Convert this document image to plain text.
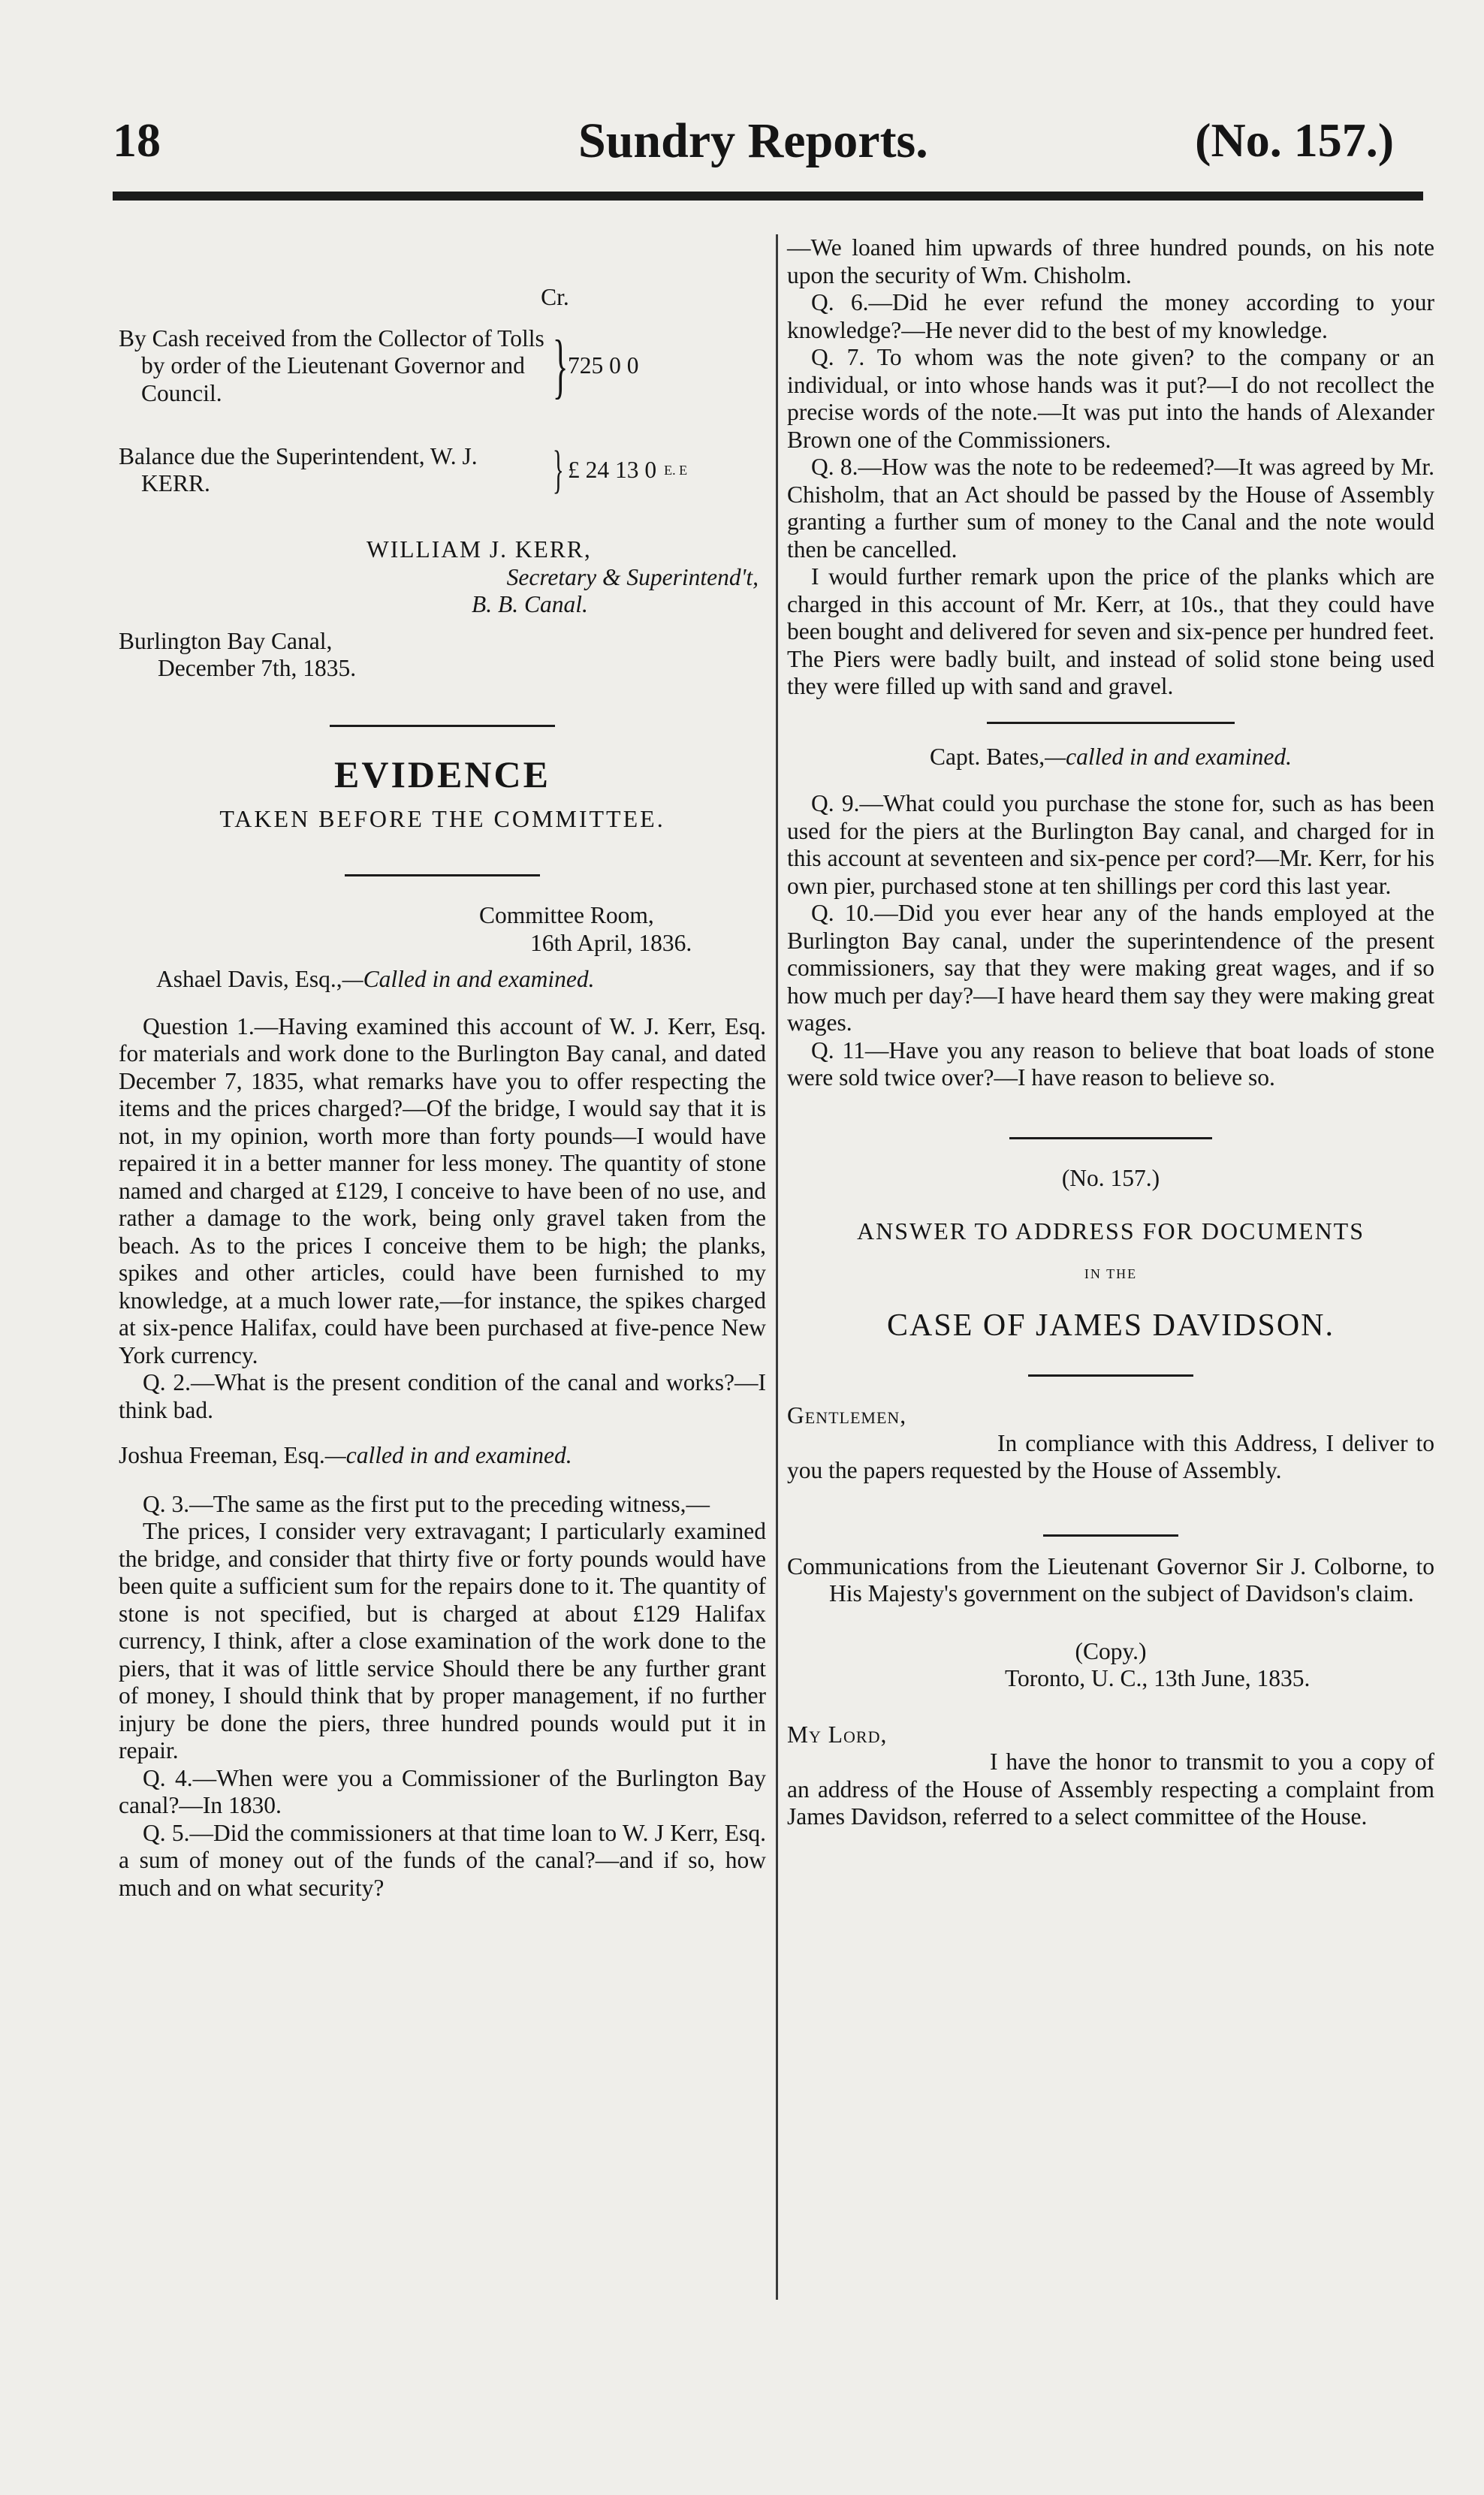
18	Sundry Reports.	(No. 157.)

Cr.

By Cash received from the Collector of Tolls by order of the Lieutenant Governor and Council.	} 725 0 0

Balance due the Superintendent, W. J. KERR.	} £ 24 13 0 E. E

WILLIAM J. KERR,

Secretary & Superintend't,

B. B. Canal.

Burlington Bay Canal,

December 7th, 1835.

EVIDENCE

TAKEN BEFORE THE COMMITTEE.

Committee Room,

16th April, 1836.

Ashael Davis, Esq.,—Called in and examined.

Question 1.—Having examined this account of W. J. Kerr, Esq. for materials and work done to the Burlington Bay canal, and dated December 7, 1835, what remarks have you to offer respecting the items and the prices charged?—Of the bridge, I would say that it is not, in my opinion, worth more than forty pounds—I would have repaired it in a better manner for less money. The quantity of stone named and charged at £129, I conceive to have been of no use, and rather a damage to the work, being only gravel taken from the beach. As to the prices I conceive them to be high; the planks, spikes and other articles, could have been furnished to my knowledge, at a much lower rate,—for instance, the spikes charged at six-pence Halifax, could have been purchased at five-pence New York currency.

Q. 2.—What is the present condition of the canal and works?—I think bad.

Joshua Freeman, Esq.—called in and examined.

Q. 3.—The same as the first put to the preceding witness,—

The prices, I consider very extravagant; I particularly examined the bridge, and consider that thirty five or forty pounds would have been quite a sufficient sum for the repairs done to it. The quantity of stone is not specified, but is charged at about £129 Halifax currency, I think, after a close examination of the work done to the piers, that it was of little service Should there be any further grant of money, I should think that by proper management, if no further injury be done the piers, three hundred pounds would put it in repair.

Q. 4.—When were you a Commissioner of the Burlington Bay canal?—In 1830.

Q. 5.—Did the commissioners at that time loan to W. J Kerr, Esq. a sum of money out of the funds of the canal?—and if so, how much and on what security?

—We loaned him upwards of three hundred pounds, on his note upon the security of Wm. Chisholm.

Q. 6.—Did he ever refund the money according to your knowledge?—He never did to the best of my knowledge.

Q. 7. To whom was the note given? to the company or an individual, or into whose hands was it put?—I do not recollect the precise words of the note.—It was put into the hands of Alexander Brown one of the Commissioners.

Q. 8.—How was the note to be redeemed?—It was agreed by Mr. Chisholm, that an Act should be passed by the House of Assembly granting a further sum of money to the Canal and the note would then be cancelled.

I would further remark upon the price of the planks which are charged in this account of Mr. Kerr, at 10s., that they could have been bought and delivered for seven and six-pence per hundred feet. The Piers were badly built, and instead of solid stone being used they were filled up with sand and gravel.

Capt. Bates,—called in and examined.

Q. 9.—What could you purchase the stone for, such as has been used for the piers at the Burlington Bay canal, and charged for in this account at seventeen and six-pence per cord?—Mr. Kerr, for his own pier, purchased stone at ten shillings per cord this last year.

Q. 10.—Did you ever hear any of the hands employed at the Burlington Bay canal, under the superintendence of the present commissioners, say that they were making great wages, and if so how much per day?—I have heard them say they were making great wages.

Q. 11—Have you any reason to believe that boat loads of stone were sold twice over?—I have reason to believe so.

(No. 157.)

ANSWER TO ADDRESS FOR DOCUMENTS

IN THE

CASE OF JAMES DAVIDSON.

Gentlemen,

In compliance with this Address, I deliver to you the papers requested by the House of Assembly.

Communications from the Lieutenant Governor Sir J. Colborne, to His Majesty's government on the subject of Davidson's claim.

(Copy.)

Toronto, U. C., 13th June, 1835.

My Lord,

I have the honor to transmit to you a copy of an address of the House of Assembly respecting a complaint from James Davidson, referred to a select committee of the House.
